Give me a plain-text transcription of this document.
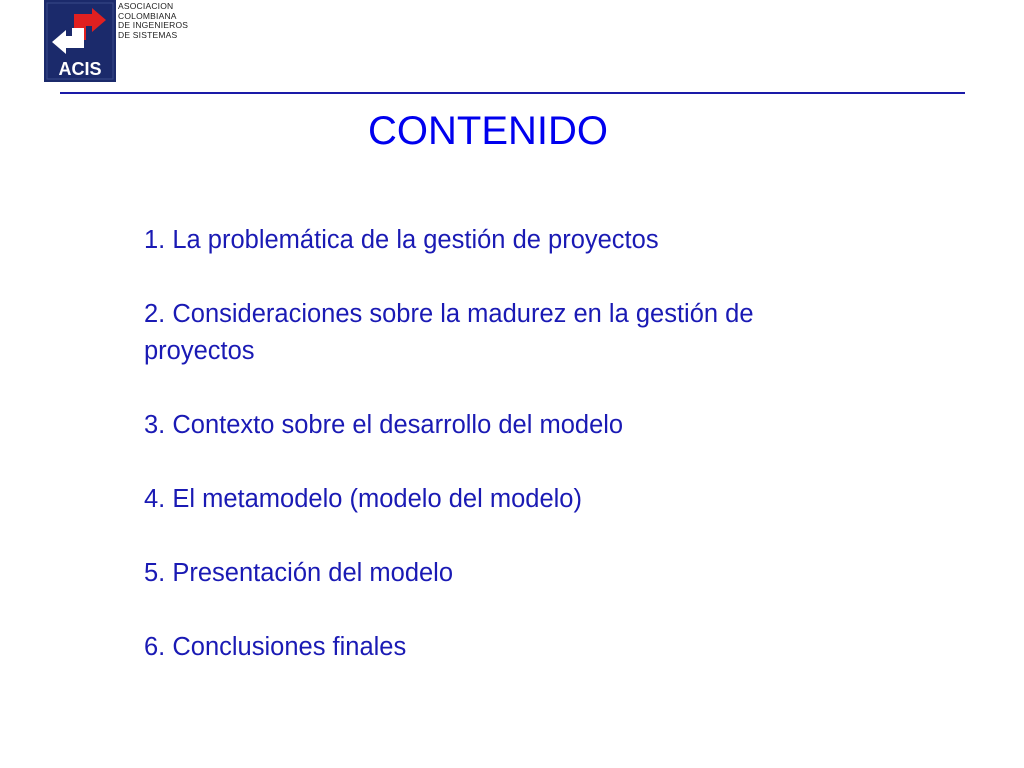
ACIS
ASOCIACION
COLOMBIANA
DE INGENIEROS
DE SISTEMAS
CONTENIDO
1. La problemática de la gestión de proyectos
2. Consideraciones sobre la madurez en la gestión de proyectos
3. Contexto sobre el desarrollo del modelo
4. El metamodelo (modelo del modelo)
5. Presentación del modelo
6. Conclusiones finales
